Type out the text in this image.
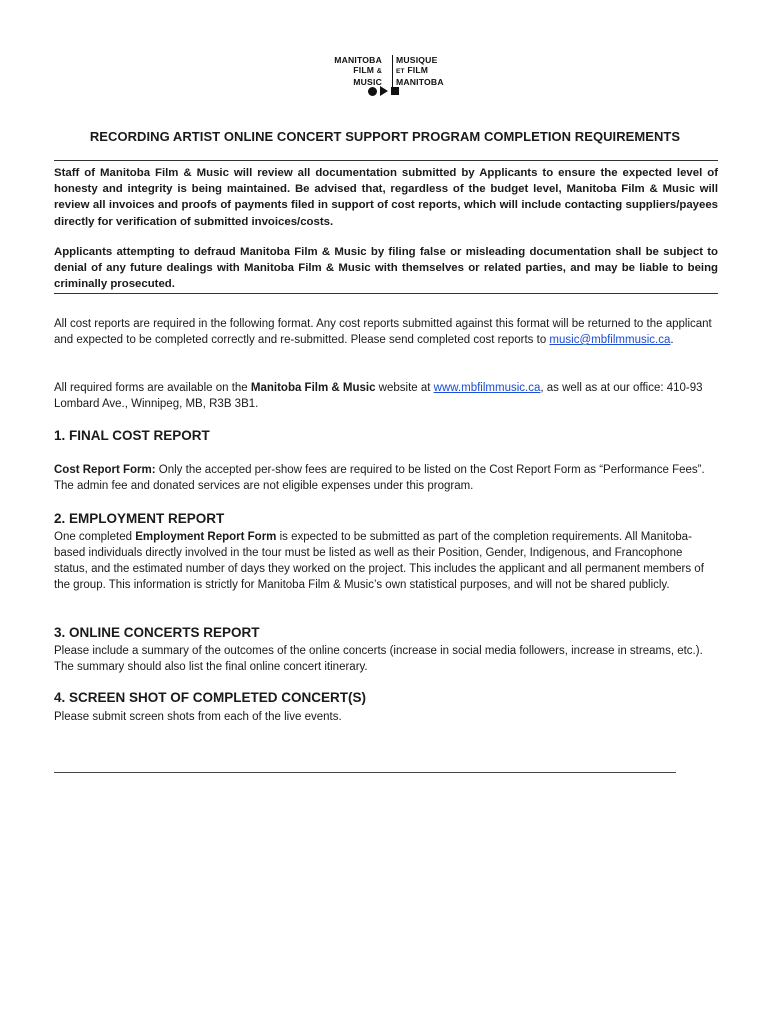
MANITOBA
FILM &
MUSIC
MUSIQUE
ET FILM
MANITOBA
RECORDING ARTIST ONLINE CONCERT SUPPORT PROGRAM COMPLETION REQUIREMENTS

Staff of Manitoba Film & Music will review all documentation submitted by Applicants to ensure the expected level of honesty and integrity is being maintained. Be advised that, regardless of the budget level, Manitoba Film & Music will review all invoices and proofs of payments filed in support of cost reports, which will include contacting suppliers/payees directly for verification of submitted invoices/costs.

Applicants attempting to defraud Manitoba Film & Music by filing false or misleading documentation shall be subject to denial of any future dealings with Manitoba Film & Music with themselves or related parties, and may be liable to being criminally prosecuted.

All cost reports are required in the following format. Any cost reports submitted against this format will be returned to the applicant and expected to be completed correctly and re-submitted. Please send completed cost reports to music@mbfilmmusic.ca.

All required forms are available on the Manitoba Film & Music website at www.mbfilmmusic.ca, as well as at our office: 410-93 Lombard Ave., Winnipeg, MB, R3B 3B1.

1. FINAL COST REPORT

Cost Report Form: Only the accepted per-show fees are required to be listed on the Cost Report Form as “Performance Fees”. The admin fee and donated services are not eligible expenses under this program.

2. EMPLOYMENT REPORT

One completed Employment Report Form is expected to be submitted as part of the completion requirements. All Manitoba-based individuals directly involved in the tour must be listed as well as their Position, Gender, Indigenous, and Francophone status, and the estimated number of days they worked on the project. This includes the applicant and all permanent members of the group. This information is strictly for Manitoba Film & Music’s own statistical purposes, and will not be shared publicly.

3. ONLINE CONCERTS REPORT

Please include a summary of the outcomes of the online concerts (increase in social media followers, increase in streams, etc.). The summary should also list the final online concert itinerary.

4. SCREEN SHOT OF COMPLETED CONCERT(S)

Please submit screen shots from each of the live events.
